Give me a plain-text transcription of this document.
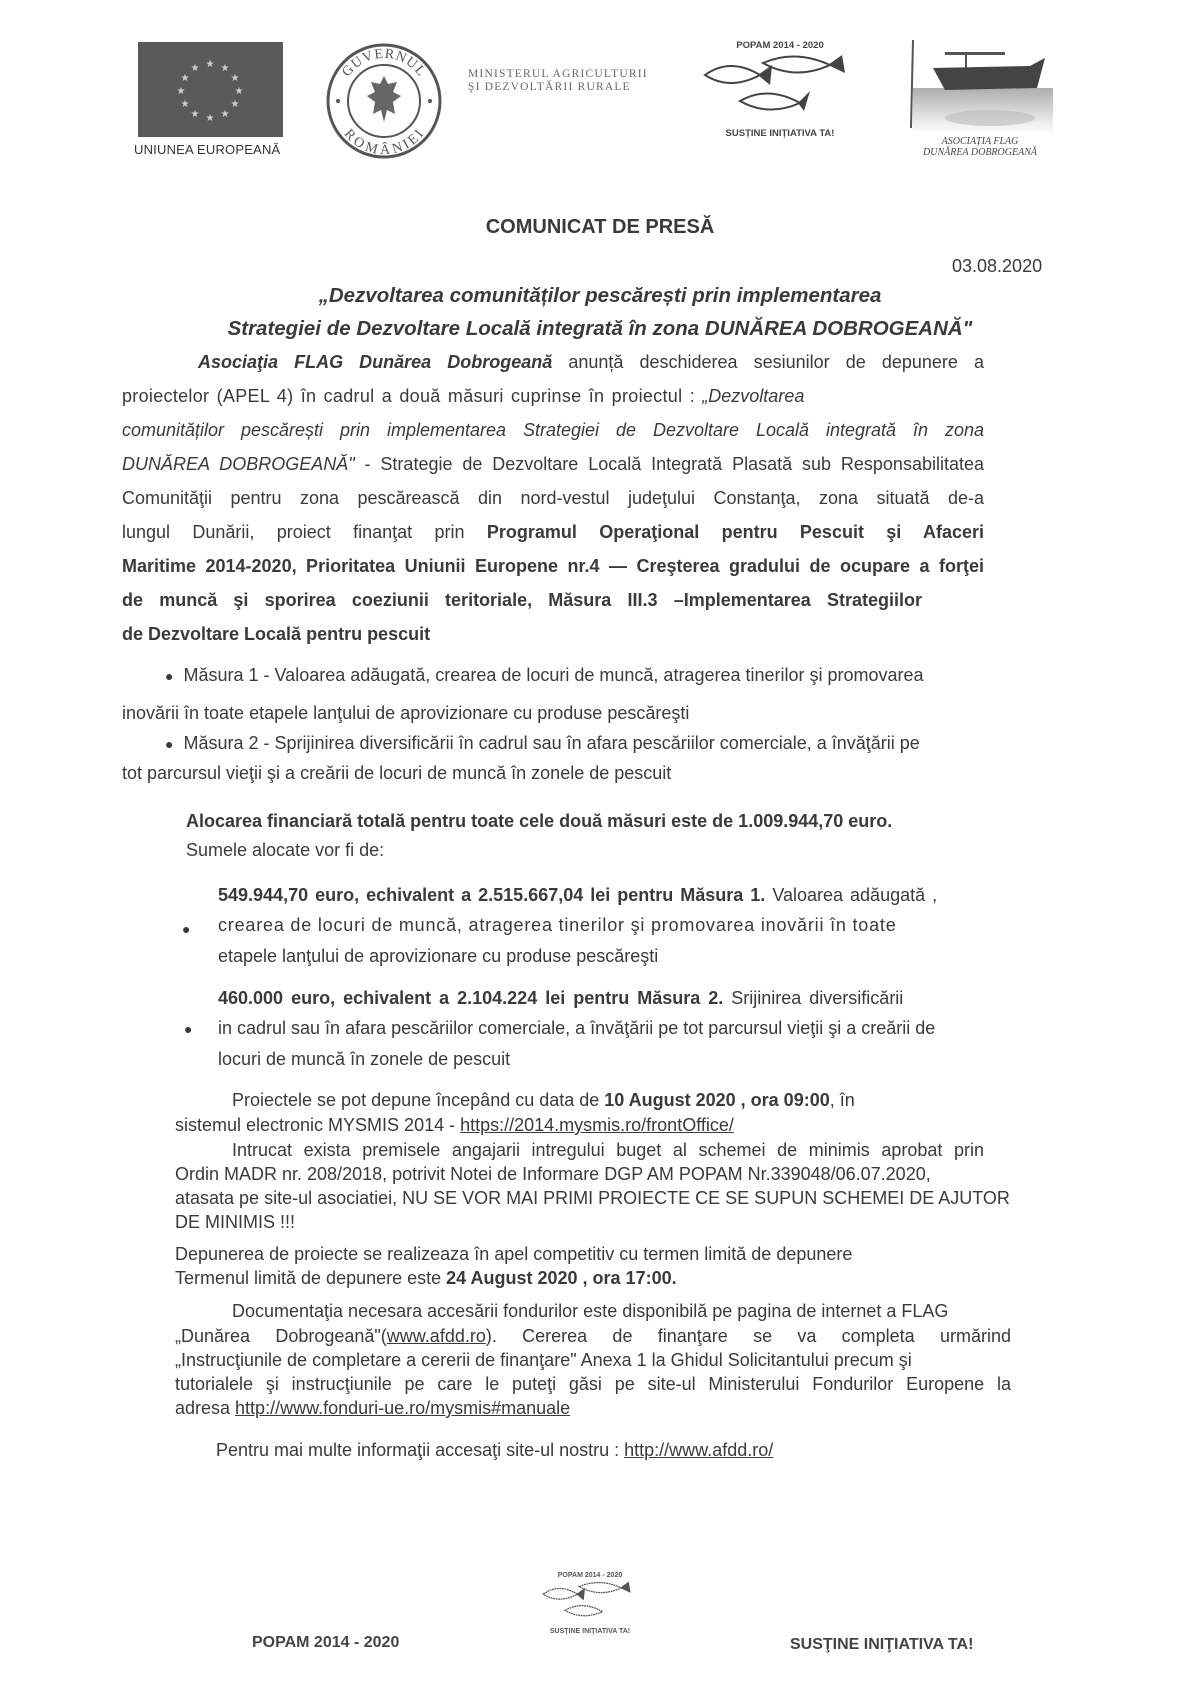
★ ★
★
★
★
★
★
★
★
★
★
★
UNIUNEA EUROPEANĂ
GUVERNUL
ROMÂNIEI
MINISTERUL AGRICULTURII
ŞI DEZVOLTĂRII RURALE
POPAM 2014 - 2020
SUSȚINE INIȚIATIVA TA!
ASOCIAȚIA FLAG
DUNĂREA DOBROGEANĂ
COMUNICAT DE PRESĂ
03.08.2020
„Dezvoltarea comunităților pescărești prin implementarea
Strategiei de Dezvoltare Locală integrată în zona DUNĂREA DOBROGEANĂ"
Asociaţia FLAG Dunărea Dobrogeană anunță deschiderea sesiunilor de depunere a
proiectelor (APEL 4) în cadrul a două măsuri cuprinse în proiectul : „Dezvoltarea
comunităților pescărești prin implementarea Strategiei de Dezvoltare Locală integrată în zona
DUNĂREA DOBROGEANĂ" - Strategie de Dezvoltare Locală Integrată Plasată sub Responsabilitatea
Comunităţii pentru zona pescărească din nord-vestul judeţului Constanţa, zona situată de-a
lungul Dunării, proiect finanţat prin Programul Operaţional pentru Pescuit şi Afaceri
Maritime 2014-2020, Prioritatea Uniunii Europene nr.4 — Creşterea gradului de ocupare a forţei
de muncă şi sporirea coeziunii teritoriale, Măsura III.3 –Implementarea Strategiilor
de Dezvoltare Locală pentru pescuit
● Măsura 1 - Valoarea adăugată, crearea de locuri de muncă, atragerea tinerilor şi promovarea
inovării în toate etapele lanţului de aprovizionare cu produse pescăreşti
● Măsura 2 - Sprijinirea diversificării în cadrul sau în afara pescăriilor comerciale, a învăţării pe
tot parcursul vieţii şi a creării de locuri de muncă în zonele de pescuit
Alocarea financiară totală pentru toate cele două măsuri este de 1.009.944,70 euro.
Sumele alocate vor fi de:
549.944,70 euro, echivalent a 2.515.667,04 lei pentru Măsura 1. Valoarea adăugată ,
● crearea de locuri de muncă, atragerea tinerilor şi promovarea inovării în toate
etapele lanţului de aprovizionare cu produse pescăreşti
460.000 euro, echivalent a 2.104.224 lei pentru Măsura 2. Srijinirea diversificării
● in cadrul sau în afara pescăriilor comerciale, a învăţării pe tot parcursul vieţii şi a creării de
locuri de muncă în zonele de pescuit
Proiectele se pot depune începând cu data de 10 August 2020 , ora 09:00, în
sistemul electronic MYSMIS 2014 - https://2014.mysmis.ro/frontOffice/
Intrucat exista premisele angajarii intregului buget al schemei de minimis aprobat prin
Ordin MADR nr. 208/2018, potrivit Notei de Informare DGP AM POPAM Nr.339048/06.07.2020,
atasata pe site-ul asociatiei, NU SE VOR MAI PRIMI PROIECTE CE SE SUPUN SCHEMEI DE AJUTOR
DE MINIMIS !!!
Depunerea de proiecte se realizeaza în apel competitiv cu termen limită de depunere
Termenul limită de depunere este 24 August 2020 , ora 17:00.
Documentaţia necesara accesării fondurilor este disponibilă pe pagina de internet a FLAG
„Dunărea Dobrogeană"(www.afdd.ro). Cererea de finanţare se va completa urmărind
„Instrucţiunile de completare a cererii de finanţare" Anexa 1 la Ghidul Solicitantului precum şi
tutorialele şi instrucţiunile pe care le puteţi găsi pe site-ul Ministerului Fondurilor Europene la
adresa http://www.fonduri-ue.ro/mysmis#manuale
Pentru mai multe informaţii accesaţi site-ul nostru : http://www.afdd.ro/
POPAM 2014 - 2020
POPAM 2014 - 2020
SUSŢINE INIŢIATIVA TA!
SUSŢINE INIŢIATIVA TA!
